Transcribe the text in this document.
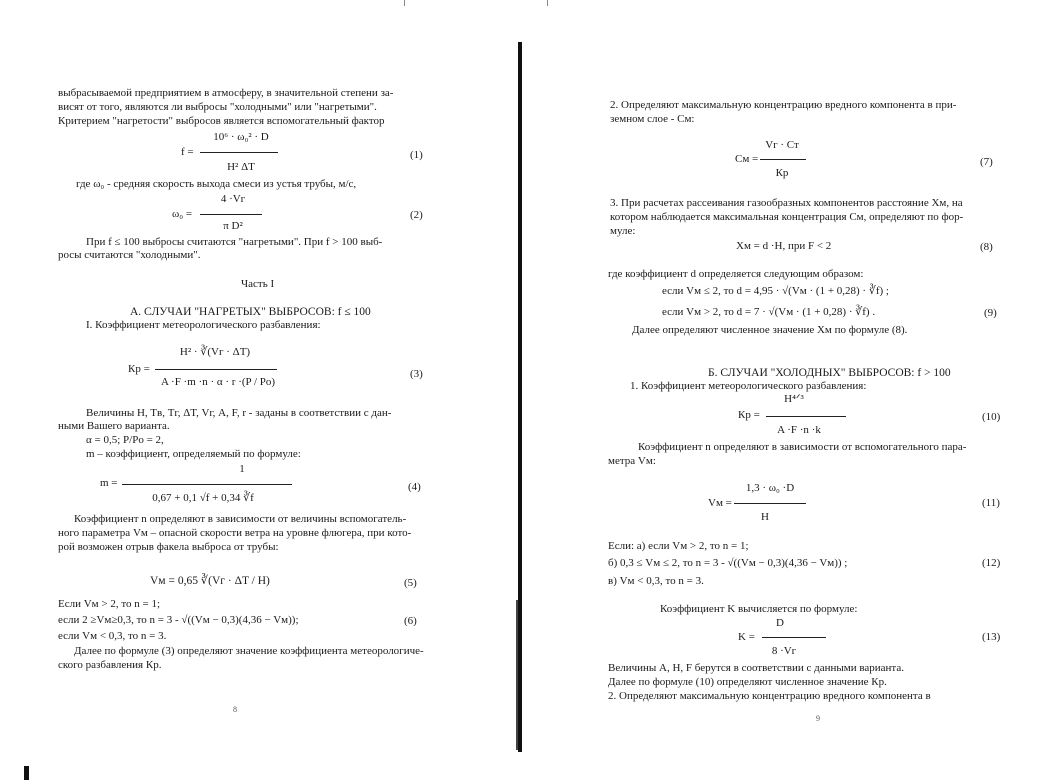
выбрасываемой предприятием в атмосферу, в значительной степени за-
висят от того, являются ли выбросы "холодными" или "нагретыми".
Критерием "нагретости" выбросов является вспомогательный фактор
10⁶ · ω₀² · D
f =
H² ΔT
(1)
где ω₀ - средняя скорость выхода смеси из устья трубы, м/с,
4 ·Vг
ω₀ =
π D²
(2)
При f ≤ 100 выбросы считаются "нагретыми". При f > 100 выб-
росы считаются "холодными".
Часть I
А. СЛУЧАИ "НАГРЕТЫХ" ВЫБРОСОВ: f ≤ 100
I. Коэффициент метеорологического разбавления:
H² · ∛(Vг · ΔT)
Кр =
A ·F ·m ·n · α · r ·(P / Po)
(3)
Величины H, Tв, Tг, ΔT, Vг, A, F, r - заданы в соответствии с дан-
ными Вашего варианта.
α = 0,5; P/Po = 2,
m – коэффициент, определяемый по формуле:
1
m =
0,67 + 0,1 √f + 0,34 ∛f
(4)
Коэффициент n определяют в зависимости от величины вспомогатель-
ного параметра Vм – опасной скорости ветра на уровне флюгера, при кото-
рой возможен отрыв факела выброса от трубы:
Vм = 0,65 ∛(Vг · ΔT / H)	(5)
Если Vм > 2, то n = 1;
если 2 ≥Vм≥0,3, то n = 3 - √((Vм − 0,3)(4,36 − Vм));	(6)
если Vм < 0,3, то n = 3.
Далее по формуле (3) определяют значение коэффициента метеорологиче-
ского разбавления Кр.
8
2. Определяют максимальную концентрацию вредного компонента в при-
земном слое - Cм:
Vг · Ст
Cм =
Кр
(7)
3. При расчетах рассеивания газообразных компонентов расстояние Xм, на
котором наблюдается максимальная концентрация Cм, определяют по фор-
муле:
Xм = d ·H, при F < 2	(8)
где коэффициент d определяется следующим образом:
если Vм ≤ 2, то d = 4,95 · √(Vм · (1 + 0,28) · ∛f) ;
если Vм > 2, то d = 7 · √(Vм · (1 + 0,28) · ∛f) .	(9)
Далее определяют численное значение Xм по формуле (8).
Б. СЛУЧАИ "ХОЛОДНЫХ" ВЫБРОСОВ: f > 100
1. Коэффициент метеорологического разбавления:
H⁴ᐟ³
Кр =
A ·F ·n ·k
(10)
Коэффициент n определяют в зависимости от вспомогательного пара-
метра Vм:
1,3 · ω₀ ·D
Vм =
H
(11)
Если: а) если Vм > 2, то n = 1;
б) 0,3 ≤ Vм ≤ 2, то n = 3 - √((Vм − 0,3)(4,36 − Vм)) ;	(12)
в) Vм < 0,3, то n = 3.
Коэффициент K вычисляется по формуле:
D
K =
8 ·Vг
(13)
Величины A, H, F берутся в соответствии с данными варианта.
Далее по формуле (10) определяют численное значение Кр.
2. Определяют максимальную концентрацию вредного компонента в
9
